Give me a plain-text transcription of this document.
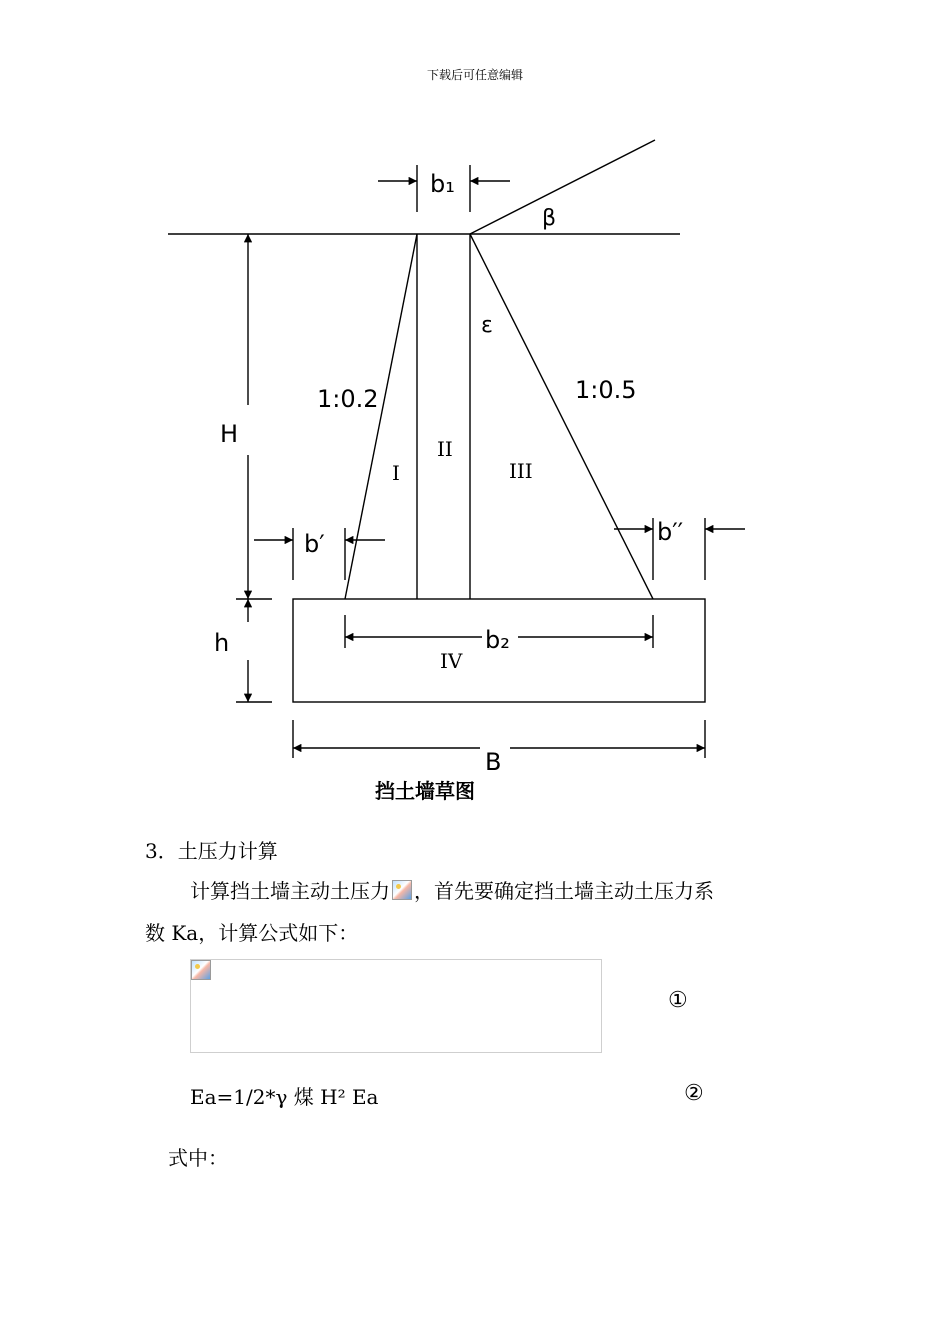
下载后可任意编辑
b₁
β
ε
H
1:0.2	1:0.5
I
II
III
b′	b′′
h	b₂
IV
B
挡土墙草图
3．土压力计算
计算挡土墙主动土压力 ，首先要确定挡土墙主动土压力系
数 Ka，计算公式如下：
①
Ea=1/2*γ 煤 H² Ea	②
式中：
